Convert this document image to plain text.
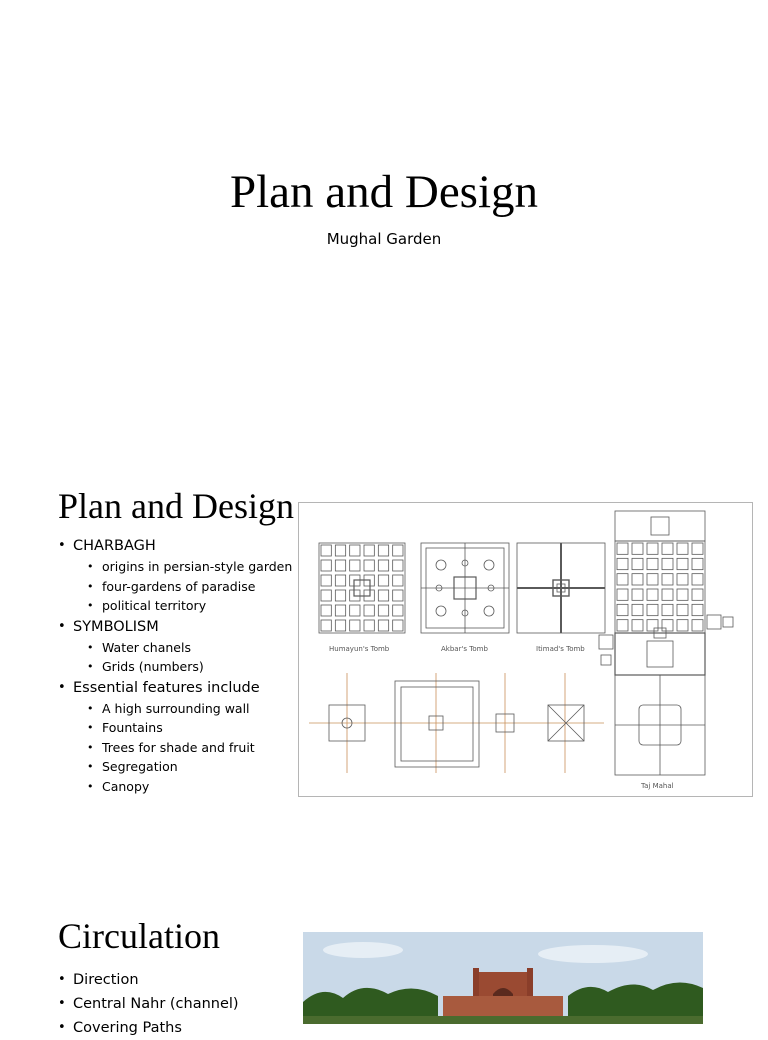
Plan and Design
Mughal Garden
Plan and Design
• CHARBAGH
• origins in persian-style garden
• four-gardens of paradise
• political territory
• SYMBOLISM
• Water chanels
• Grids (numbers)
• Essential features include
• A high surrounding wall
• Fountains
• Trees for shade and fruit
• Segregation
• Canopy
Humayun's Tomb	Akbar's Tomb	Itimad's Tomb
Taj Mahal
Circulation
• Direction
• Central Nahr (channel)
• Covering Paths
